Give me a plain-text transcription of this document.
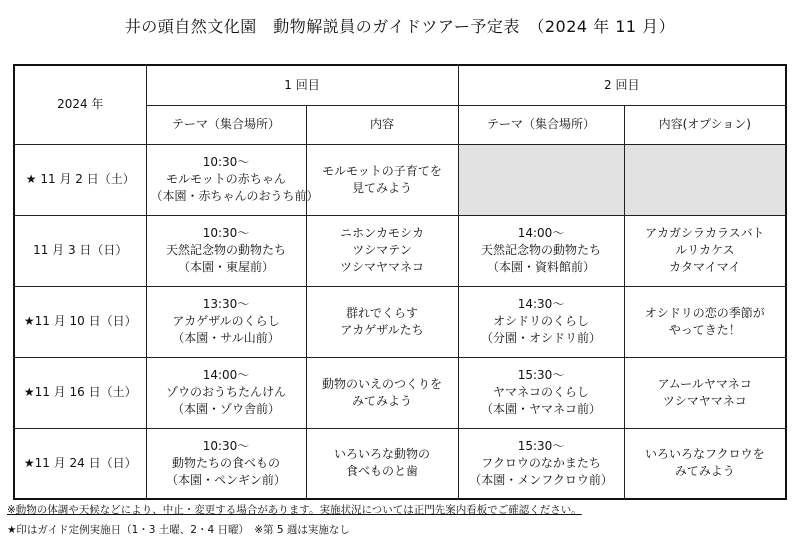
井の頭自然文化園　動物解説員のガイドツアー予定表　（2024 年 11 月）
2024 年	1 回目		2 回目	
	テーマ（集合場所）	内容	テーマ（集合場所）	内容(オプション)
★ 11 月 2 日（土）	10:30～
モルモットの赤ちゃん
（本園・赤ちゃんのおうち前）	モルモットの子育てを
見てみよう		

11 月 3 日（日）	10:30～
天然記念物の動物たち
（本園・東屋前）	ニホンカモシカ
ツシマテン
ツシマヤマネコ	14:00～
天然記念物の動物たち
（本園・資料館前）	アカガシラカラスバト
ルリカケス
カタマイマイ

★11 月 10 日（日）	13:30～
アカゲザルのくらし
（本園・サル山前）	群れでくらす
アカゲザルたち	14:30～
オシドリのくらし
（分園・オシドリ前）	オシドリの恋の季節が
やってきた！

★11 月 16 日（土）	14:00～
ゾウのおうちたんけん
（本園・ゾウ舎前）	動物のいえのつくりを
みてみよう	15:30～
ヤマネコのくらし
（本園・ヤマネコ前）	アムールヤマネコ
ツシマヤマネコ

★11 月 24 日（日）	10:30～
動物たちの食べもの
（本園・ペンギン前）	いろいろな動物の
食べものと歯	15:30～
フクロウのなかまたち
（本園・メンフクロウ前）	いろいろなフクロウを
みてみよう
※動物の体調や天候などにより、中止・変更する場合があります。実施状況については正門先案内看板でご確認ください。
★印はガイド定例実施日（1・3 土曜、2・4 日曜）　※第 5 週は実施なし
